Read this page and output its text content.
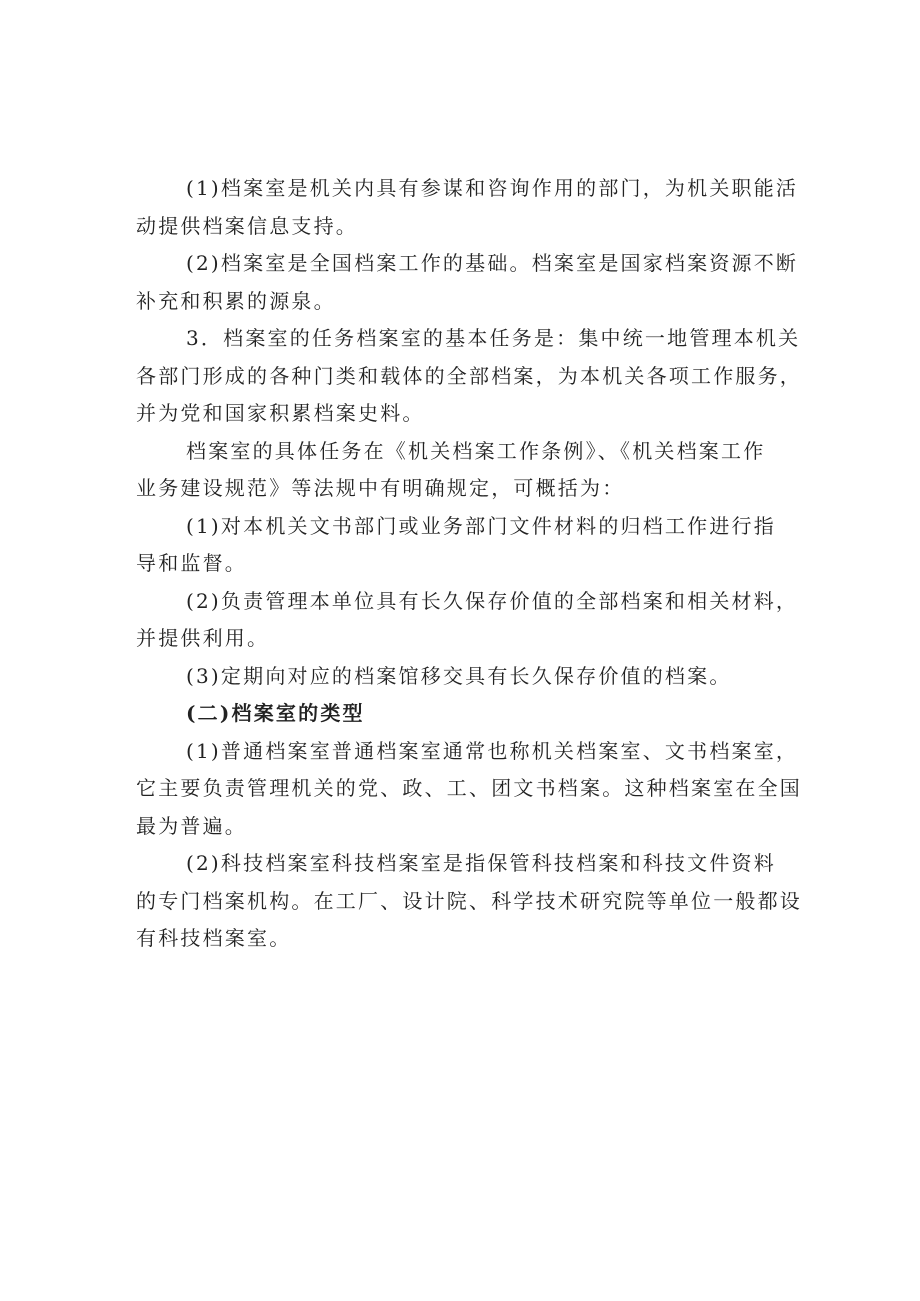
(1)档案室是机关内具有参谋和咨询作用的部门，为机关职能活
动提供档案信息支持。

(2)档案室是全国档案工作的基础。档案室是国家档案资源不断
补充和积累的源泉。

3．档案室的任务档案室的基本任务是：集中统一地管理本机关
各部门形成的各种门类和载体的全部档案，为本机关各项工作服务，
并为党和国家积累档案史料。

档案室的具体任务在《机关档案工作条例》、《机关档案工作
业务建设规范》等法规中有明确规定，可概括为：

(1)对本机关文书部门或业务部门文件材料的归档工作进行指
导和监督。

(2)负责管理本单位具有长久保存价值的全部档案和相关材料，
并提供利用。

(3)定期向对应的档案馆移交具有长久保存价值的档案。

(二)档案室的类型

(1)普通档案室普通档案室通常也称机关档案室、文书档案室，
它主要负责管理机关的党、政、工、团文书档案。这种档案室在全国
最为普遍。

(2)科技档案室科技档案室是指保管科技档案和科技文件资料
的专门档案机构。在工厂、设计院、科学技术研究院等单位一般都设
有科技档案室。
